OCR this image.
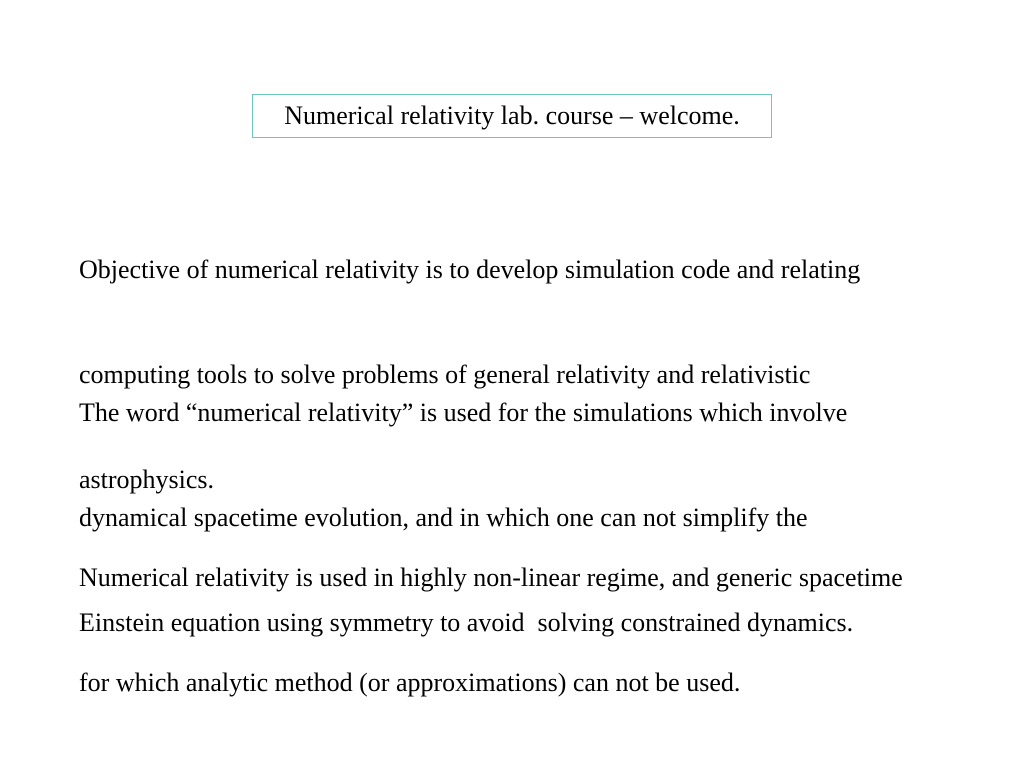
Numerical relativity lab. course – welcome.

Objective of numerical relativity is to develop simulation code and relating

computing tools to solve problems of general relativity and relativistic

astrophysics.

The word “numerical relativity” is used for the simulations which involve

dynamical spacetime evolution, and in which one can not simplify the

Einstein equation using symmetry to avoid  solving constrained dynamics.

Numerical relativity is used in highly non-linear regime, and generic spacetime

for which analytic method (or approximations) can not be used.
